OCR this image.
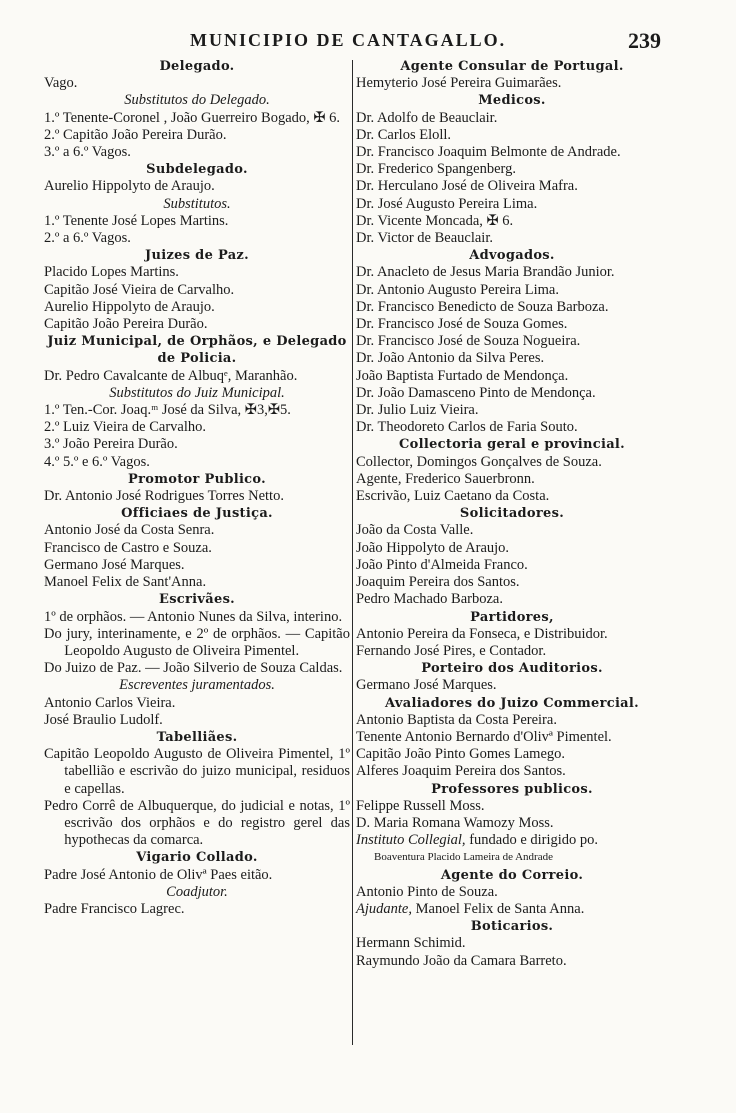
MUNICIPIO DE CANTAGALLO.	239
Delegado.
Vago.
Substitutos do Delegado.
1.º Tenente-Coronel , João Guerreiro Bogado, ✠ 6.
2.º Capitão João Pereira Durão.
3.º a 6.º Vagos.
Subdelegado.
Aurelio Hippolyto de Araujo.
Substitutos.
1.º Tenente José Lopes Martins.
2.º a 6.º Vagos.
Juizes de Paz.
Placido Lopes Martins.
Capitão José Vieira de Carvalho.
Aurelio Hippolyto de Araujo.
Capitão João Pereira Durão.
Juiz Municipal, de Orphãos, e Delegado de Policia.
Dr. Pedro Cavalcante de Albuqᵉ, Maranhão.
Substitutos do Juiz Municipal.
1.º Ten.-Cor. Joaq.ᵐ José da Silva, ✠3,✠5.
2.º Luiz Vieira de Carvalho.
3.º João Pereira Durão.
4.º 5.º e 6.º Vagos.
Promotor Publico.
Dr. Antonio José Rodrigues Torres Netto.
Officiaes de Justiça.
Antonio José da Costa Senra.
Francisco de Castro e Souza.
Germano José Marques.
Manoel Felix de Sant'Anna.
Escrivães.
1º de orphãos. — Antonio Nunes da Silva, interino.
Do jury, interinamente, e 2º de orphãos. — Capitão Leopoldo Augusto de Oliveira Pimentel.
Do Juizo de Paz. — João Silverio de Souza Caldas.
Escreventes juramentados.
Antonio Carlos Vieira.
José Braulio Ludolf.
Tabelliães.
Capitão Leopoldo Augusto de Oliveira Pimentel, 1º tabellião e escrivão do juizo municipal, residuos e capellas.
Pedro Corrê de Albuquerque, do judicial e notas, 1º escrivão dos orphãos e do registro gerel das hypothecas da comarca.
Vigario Collado.
Padre José Antonio de Olivª Paes eitão.
Coadjutor.
Padre Francisco Lagrec.
Agente Consular de Portugal.
Hemyterio José Pereira Guimarães.
Medicos.
Dr. Adolfo de Beauclair.
Dr. Carlos Eloll.
Dr. Francisco Joaquim Belmonte de Andrade.
Dr. Frederico Spangenberg.
Dr. Herculano José de Oliveira Mafra.
Dr. José Augusto Pereira Lima.
Dr. Vicente Moncada, ✠ 6.
Dr. Victor de Beauclair.
Advogados.
Dr. Anacleto de Jesus Maria Brandão Junior.
Dr. Antonio Augusto Pereira Lima.
Dr. Francisco Benedicto de Souza Barboza.
Dr. Francisco José de Souza Gomes.
Dr. Francisco José de Souza Nogueira.
Dr. João Antonio da Silva Peres.
João Baptista Furtado de Mendonça.
Dr. João Damasceno Pinto de Mendonça.
Dr. Julio Luiz Vieira.
Dr. Theodoreto Carlos de Faria Souto.
Collectoria geral e provincial.
Collector, Domingos Gonçalves de Souza.
Agente, Frederico Sauerbronn.
Escrivão, Luiz Caetano da Costa.
Solicitadores.
João da Costa Valle.
João Hippolyto de Araujo.
João Pinto d'Almeida Franco.
Joaquim Pereira dos Santos.
Pedro Machado Barboza.
Partidores,
Antonio Pereira da Fonseca, e Distribuidor.
Fernando José Pires, e Contador.
Porteiro dos Auditorios.
Germano José Marques.
Avaliadores do Juizo Commercial.
Antonio Baptista da Costa Pereira.
Tenente Antonio Bernardo d'Olivª Pimentel.
Capitão João Pinto Gomes Lamego.
Alferes Joaquim Pereira dos Santos.
Professores publicos.
Felippe Russell Moss.
D. Maria Romana Wamozy Moss.
Instituto Collegial, fundado e dirigido po.
Boaventura Placido Lameira de Andrade
Agente do Correio.
Antonio Pinto de Souza.
Ajudante, Manoel Felix de Santa Anna.
Boticarios.
Hermann Schimid.
Raymundo João da Camara Barreto.
